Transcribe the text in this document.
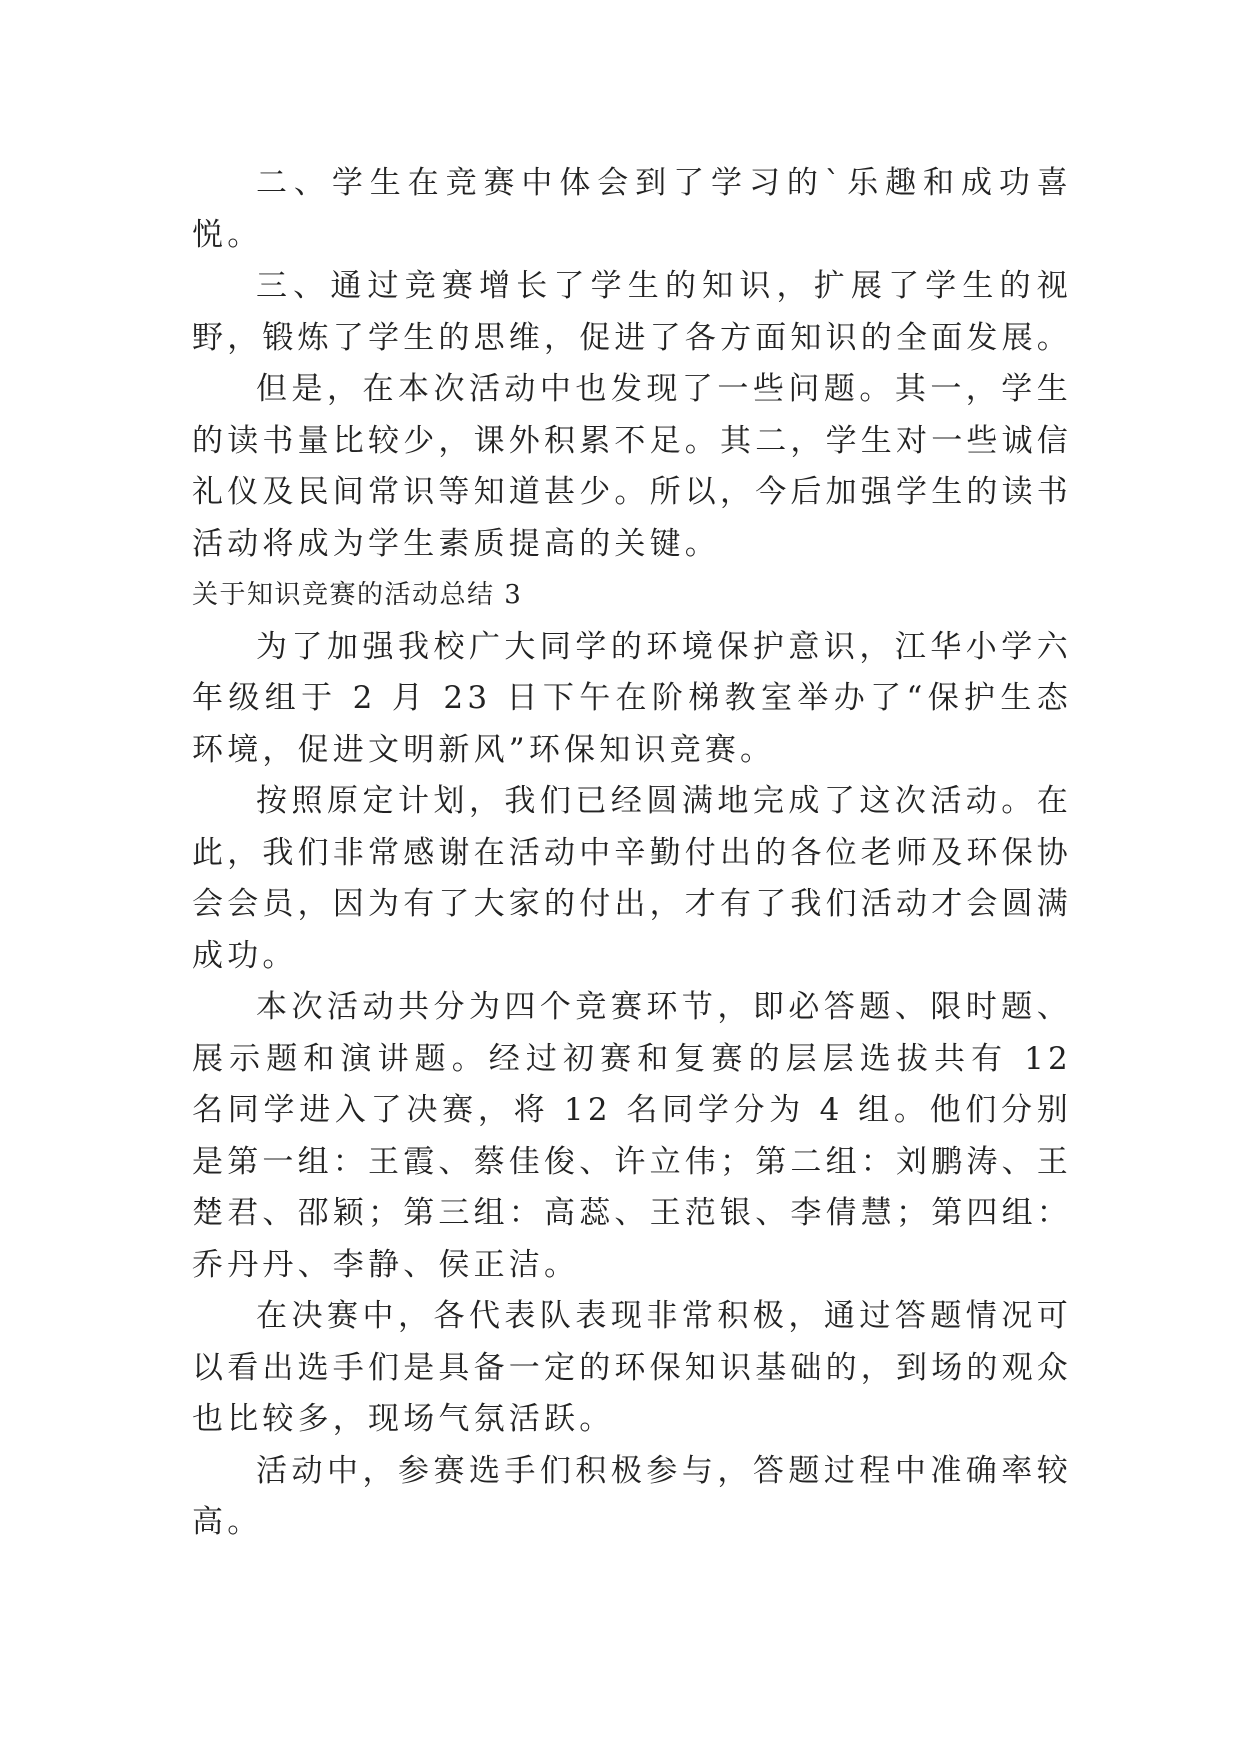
二、学生在竞赛中体会到了学习的`乐趣和成功喜悦。

三、通过竞赛增长了学生的知识，扩展了学生的视野，锻炼了学生的思维，促进了各方面知识的全面发展。

但是，在本次活动中也发现了一些问题。其一，学生的读书量比较少，课外积累不足。其二，学生对一些诚信礼仪及民间常识等知道甚少。所以，今后加强学生的读书活动将成为学生素质提高的关键。

关于知识竞赛的活动总结 3

为了加强我校广大同学的环境保护意识，江华小学六年级组于 2 月 23 日下午在阶梯教室举办了“保护生态环境，促进文明新风”环保知识竞赛。

按照原定计划，我们已经圆满地完成了这次活动。在此，我们非常感谢在活动中辛勤付出的各位老师及环保协会会员，因为有了大家的付出，才有了我们活动才会圆满成功。

本次活动共分为四个竞赛环节，即必答题、限时题、展示题和演讲题。经过初赛和复赛的层层选拔共有 12 名同学进入了决赛，将 12 名同学分为 4 组。他们分别是第一组：王霞、蔡佳俊、许立伟；第二组：刘鹏涛、王楚君、邵颖；第三组：高蕊、王范银、李倩慧；第四组：乔丹丹、李静、侯正洁。

在决赛中，各代表队表现非常积极，通过答题情况可以看出选手们是具备一定的环保知识基础的，到场的观众也比较多，现场气氛活跃。

活动中，参赛选手们积极参与，答题过程中准确率较高。
